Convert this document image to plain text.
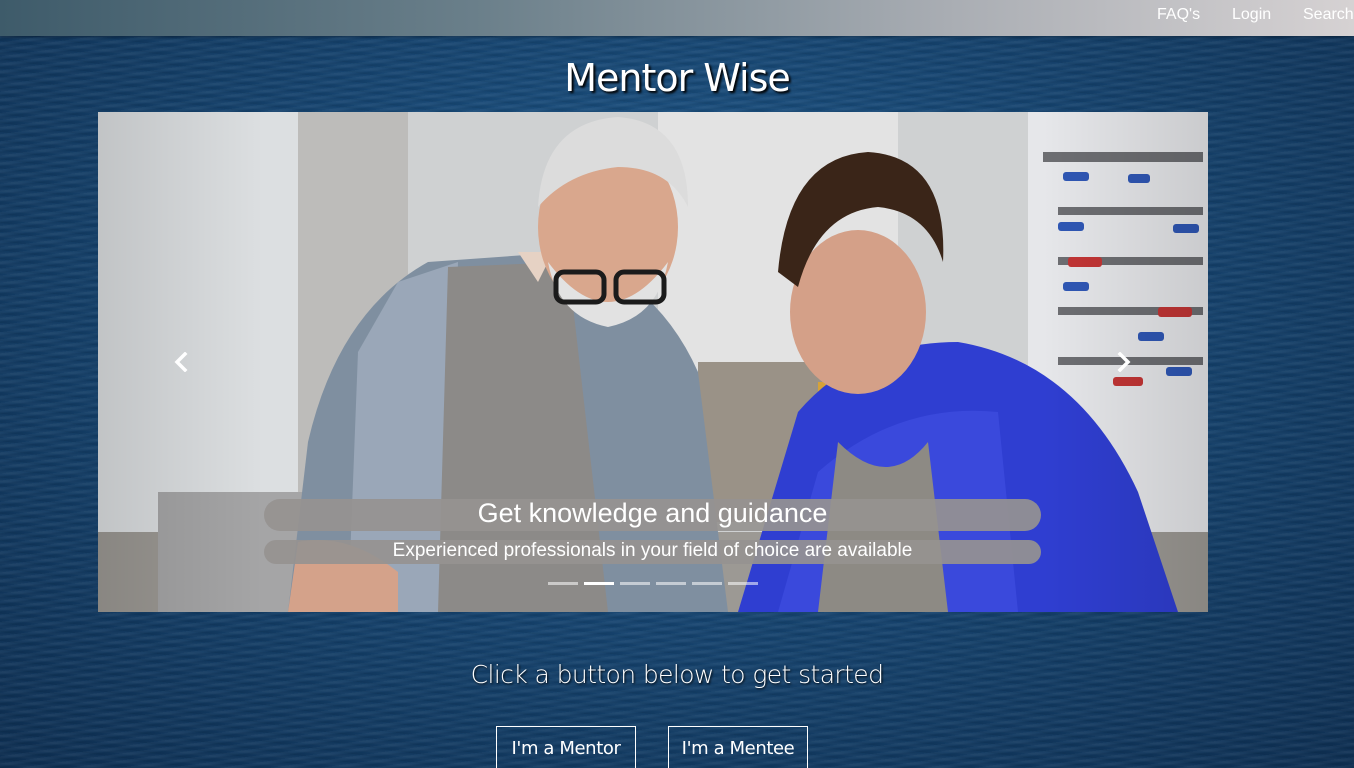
FAQ's Login Search
Mentor Wise
Get knowledge and guidance
Experienced professionals in your field of choice are available
Click a button below to get started
I'm a Mentor	I'm a Mentee
